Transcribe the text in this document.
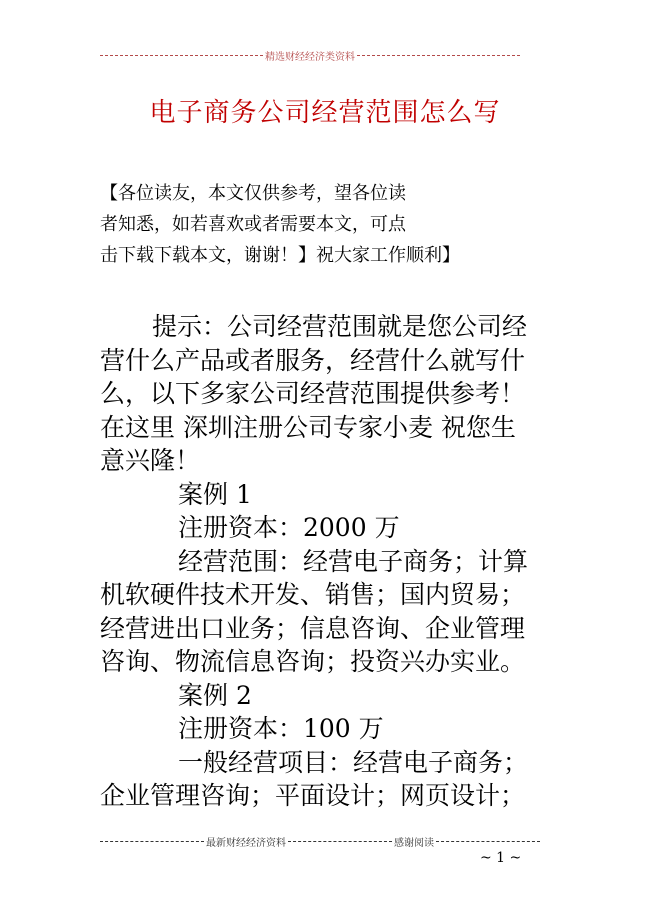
精选财经经济类资料
电子商务公司经营范围怎么写
【各位读友，本文仅供参考，望各位读
者知悉，如若喜欢或者需要本文，可点
击下载下载本文，谢谢！】祝大家工作顺利】
提示：公司经营范围就是您公司经
营什么产品或者服务，经营什么就写什
么，以下多家公司经营范围提供参考！
在这里 深圳注册公司专家小麦 祝您生
意兴隆！
案例 1
注册资本：2000 万
经营范围：经营电子商务；计算
机软硬件技术开发、销售；国内贸易；
经营进出口业务；信息咨询、企业管理
咨询、物流信息咨询；投资兴办实业。
案例 2
注册资本：100 万
一般经营项目：经营电子商务；
企业管理咨询；平面设计；网页设计；
最新财经经济资料	感谢阅读
~ 1 ~
